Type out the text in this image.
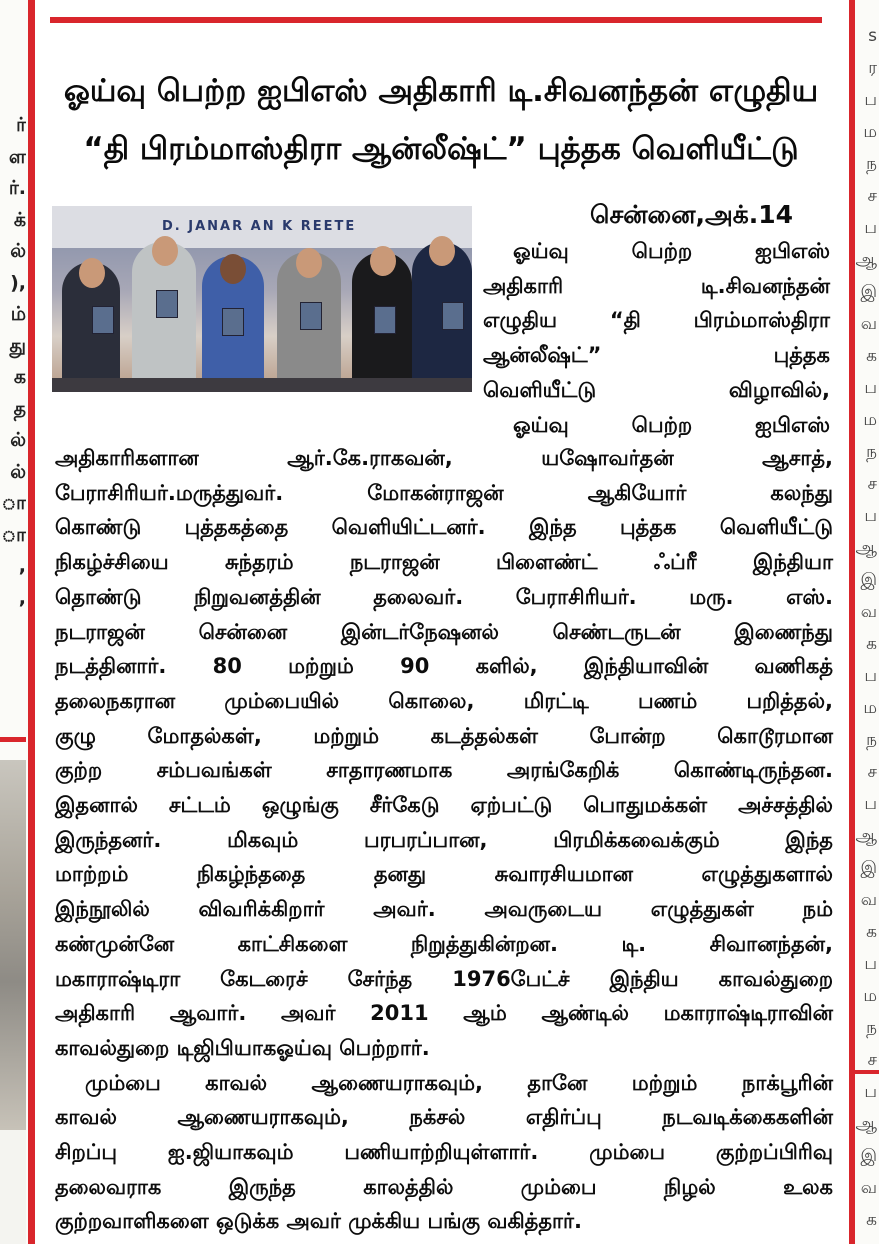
ர்
ள
ர்.
க்
ல்
),
ம்
து
க
த
ல்
ல்
ா
ா
,
,
s
ர
ப
ம
ந
ச
ப
ஆ
இ
வ
க
ப
ம
ந
ச
ப
ஆ
இ
வ
க
ப
ம
ந
ச
ப
ஆ
இ
வ
க
ப
ம
ந
ச
ப
ஆ
இ
வ
க
ஓய்வு பெற்ற ஐபிஎஸ் அதிகாரி டி.சிவனந்தன் எழுதிய
“தி பிரம்மாஸ்திரா ஆன்லீஷ்ட்” புத்தக வெளியீட்டு
D. JANAR AN K REETE	சென்னை,அக்.14
ஓய்வு பெற்ற ஐபிஎஸ்
அதிகாரி டி.சிவனந்தன்
எழுதிய “தி பிரம்மாஸ்திரா
ஆன்லீஷ்ட்” புத்தக
வெளியீட்டு விழாவில்,
ஓய்வு பெற்ற ஐபிஎஸ்
அதிகாரிகளான ஆர்.கே.ராகவன், யஷோவர்தன் ஆசாத்,
பேராசிரியர்.மருத்துவர். மோகன்ராஜன் ஆகியோர் கலந்து
கொண்டு புத்தகத்தை வெளியிட்டனர். இந்த புத்தக வெளியீட்டு
நிகழ்ச்சியை சுந்தரம் நடராஜன் பிளைண்ட் ஃப்ரீ இந்தியா
தொண்டு நிறுவனத்தின் தலைவர். பேராசிரியர். மரு. எஸ்.
நடராஜன் சென்னை இன்டர்நேஷனல் செண்டருடன் இணைந்து
நடத்தினார். 80 மற்றும் 90 களில், இந்தியாவின் வணிகத்
தலைநகரான மும்பையில் கொலை, மிரட்டி பணம் பறித்தல்,
குழு மோதல்கள், மற்றும் கடத்தல்கள் போன்ற கொடூரமான
குற்ற சம்பவங்கள் சாதாரணமாக அரங்கேறிக் கொண்டிருந்தன.
இதனால் சட்டம் ஒழுங்கு சீர்கேடு ஏற்பட்டு பொதுமக்கள் அச்சத்தில்
இருந்தனர். மிகவும் பரபரப்பான, பிரமிக்கவைக்கும் இந்த
மாற்றம் நிகழ்ந்ததை தனது சுவாரசியமான எழுத்துகளால்
இந்நூலில் விவரிக்கிறார் அவர். அவருடைய எழுத்துகள் நம்
கண்முன்னே காட்சிகளை நிறுத்துகின்றன. டி. சிவானந்தன்,
மகாராஷ்டிரா கேடரைச் சேர்ந்த 1976பேட்ச் இந்திய காவல்துறை
அதிகாரி ஆவார். அவர் 2011 ஆம் ஆண்டில் மகாராஷ்டிராவின்
காவல்துறை டிஜிபியாகஓய்வு பெற்றார்.
மும்பை காவல் ஆணையராகவும், தானே மற்றும் நாக்பூரின்
காவல் ஆணையராகவும், நக்சல் எதிர்ப்பு நடவடிக்கைகளின்
சிறப்பு ஐ.ஜியாகவும் பணியாற்றியுள்ளார். மும்பை குற்றப்பிரிவு
தலைவராக இருந்த காலத்தில் மும்பை நிழல் உலக
குற்றவாளிகளை ஒடுக்க அவர் முக்கிய பங்கு வகித்தார்.
